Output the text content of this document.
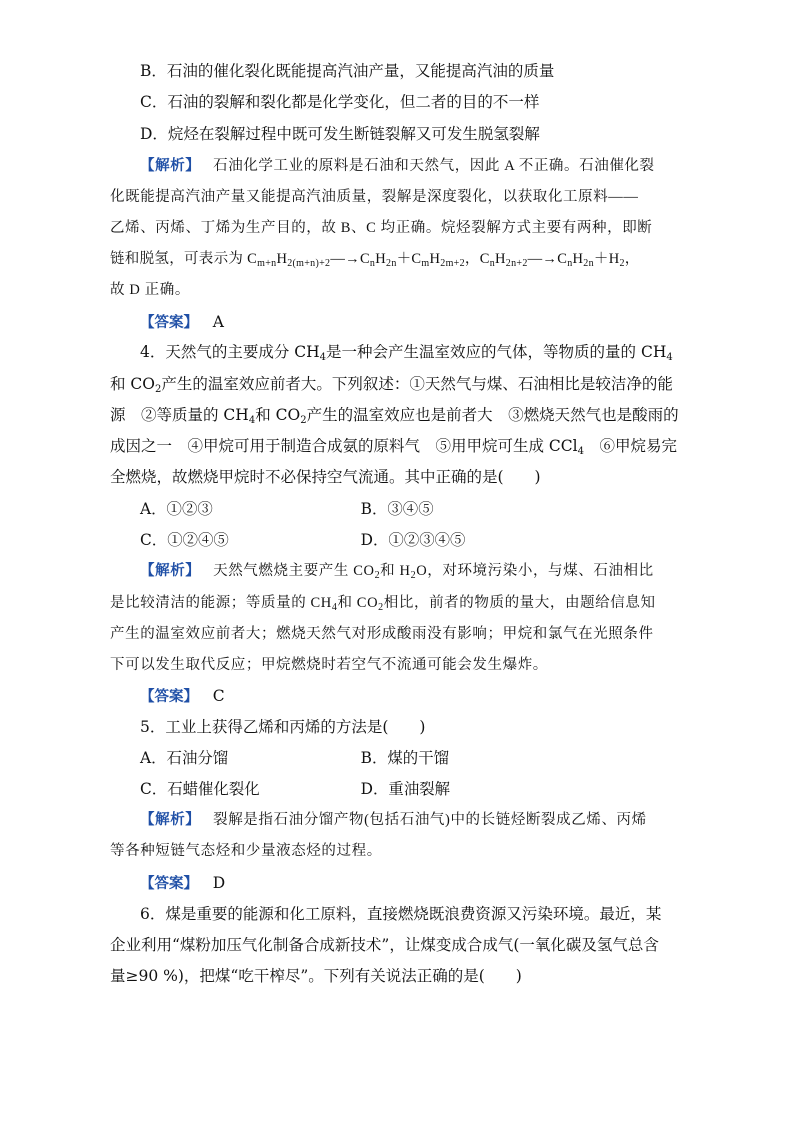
B．石油的催化裂化既能提高汽油产量，又能提高汽油的质量
C．石油的裂解和裂化都是化学变化，但二者的目的不一样
D．烷烃在裂解过程中既可发生断链裂解又可发生脱氢裂解
【解析】 石油化学工业的原料是石油和天然气，因此 A 不正确。石油催化裂
化既能提高汽油产量又能提高汽油质量，裂解是深度裂化，以获取化工原料——
乙烯、丙烯、丁烯为生产目的，故 B、C 均正确。烷烃裂解方式主要有两种，即断
链和脱氢，可表示为 $C_{m+n}H_{2(m+n)+2}―\to C_nH_{2n}+C_mH_{2m+2}$，$C_nH_{2n+2}―\to C_nH_{2n}+H_2$，
故 D 正确。
【答案】 A
4．天然气的主要成分 $CH_4$是一种会产生温室效应的气体，等物质的量的 $CH_4$
和 $CO_2$产生的温室效应前者大。下列叙述：①天然气与煤、石油相比是较洁净的能
源　②等质量的 $CH_4$和 $CO_2$产生的温室效应也是前者大　③燃烧天然气也是酸雨的
成因之一　④甲烷可用于制造合成氨的原料气　⑤用甲烷可生成 CCl$_4$　⑥甲烷易完
全燃烧，故燃烧甲烷时不必保持空气流通。其中正确的是(　　)
A．①②③	B．③④⑤
C．①②④⑤	D．①②③④⑤
【解析】 天然气燃烧主要产生 $CO_2$和 $H_2O$，对环境污染小，与煤、石油相比
是比较清洁的能源；等质量的 $CH_4$和 $CO_2$相比，前者的物质的量大，由题给信息知
产生的温室效应前者大；燃烧天然气对形成酸雨没有影响；甲烷和氯气在光照条件
下可以发生取代反应；甲烷燃烧时若空气不流通可能会发生爆炸。
【答案】 C
5．工业上获得乙烯和丙烯的方法是(　　)
A．石油分馏	B．煤的干馏
C．石蜡催化裂化	D．重油裂解
【解析】 裂解是指石油分馏产物(包括石油气)中的长链烃断裂成乙烯、丙烯
等各种短链气态烃和少量液态烃的过程。
【答案】 D
6．煤是重要的能源和化工原料，直接燃烧既浪费资源又污染环境。最近，某
企业利用“煤粉加压气化制备合成新技术”，让煤变成合成气(一氧化碳及氢气总含
量≥90 %)，把煤“吃干榨尽”。下列有关说法正确的是(　　)
